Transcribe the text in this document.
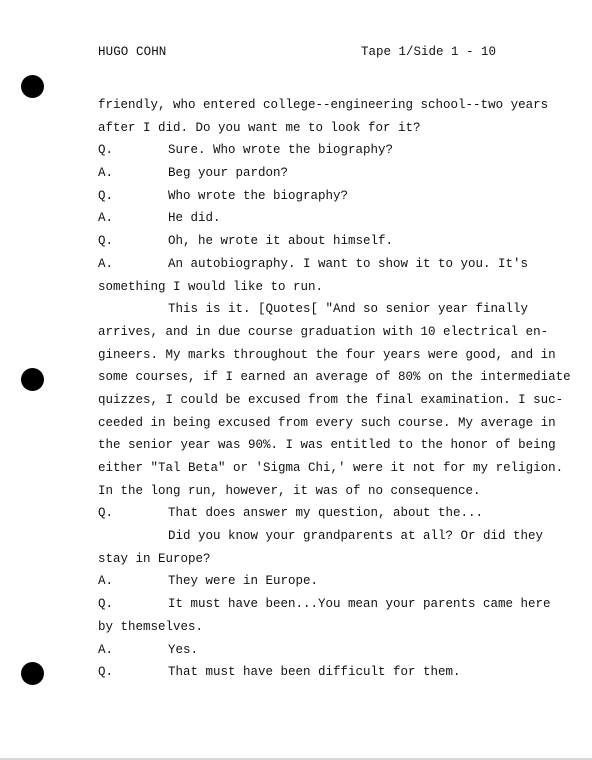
HUGO COHN	Tape 1/Side 1 - 10
friendly, who entered college--engineering school--two years
after I did. Do you want me to look for it?
Q.	Sure. Who wrote the biography?
A.	Beg your pardon?
Q.	Who wrote the biography?
A.	He did.
Q.	Oh, he wrote it about himself.
A.	An autobiography. I want to show it to you. It's
something I would like to run.
This is it. [Quotes[ "And so senior year finally
arrives, and in due course graduation with 10 electrical en-
gineers. My marks throughout the four years were good, and in
some courses, if I earned an average of 80% on the intermediate
quizzes, I could be excused from the final examination. I suc-
ceeded in being excused from every such course. My average in
the senior year was 90%. I was entitled to the honor of being
either "Tal Beta" or 'Sigma Chi,' were it not for my religion.
In the long run, however, it was of no consequence.
Q.	That does answer my question, about the...
Did you know your grandparents at all? Or did they
stay in Europe?
A.	They were in Europe.
Q.	It must have been...You mean your parents came here
by themselves.
A.	Yes.
Q.	That must have been difficult for them.
